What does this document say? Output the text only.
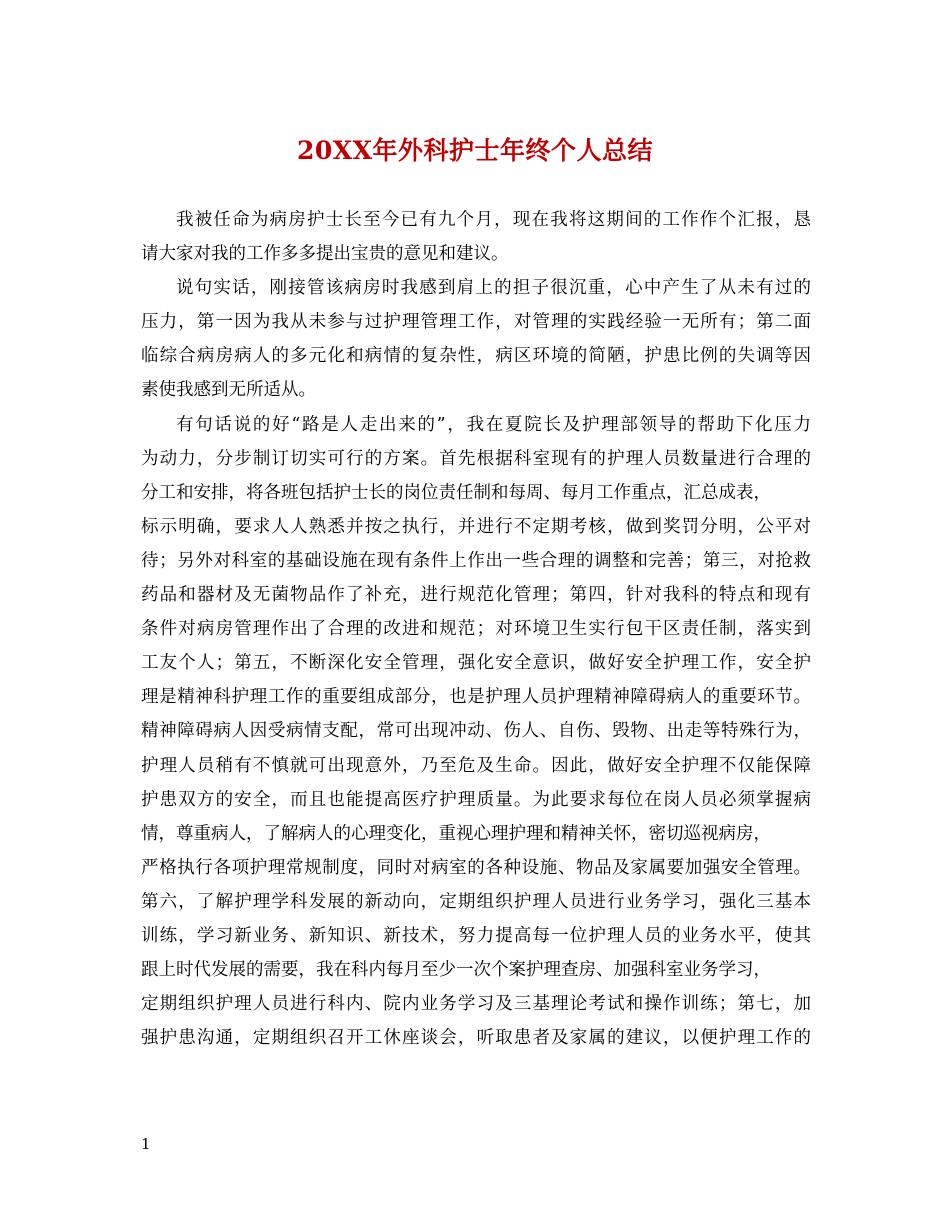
20XX年外科护士年终个人总结
我被任命为病房护士长至今已有九个月，现在我将这期间的工作作个汇报，恳
请大家对我的工作多多提出宝贵的意见和建议。
说句实话，刚接管该病房时我感到肩上的担子很沉重，心中产生了从未有过的
压力，第一因为我从未参与过护理管理工作，对管理的实践经验一无所有；第二面
临综合病房病人的多元化和病情的复杂性，病区环境的简陋，护患比例的失调等因
素使我感到无所适从。
有句话说的好“路是人走出来的”，我在夏院长及护理部领导的帮助下化压力
为动力，分步制订切实可行的方案。首先根据科室现有的护理人员数量进行合理的
分工和安排，将各班包括护士长的岗位责任制和每周、每月工作重点，汇总成表，
标示明确，要求人人熟悉并按之执行，并进行不定期考核，做到奖罚分明，公平对
待；另外对科室的基础设施在现有条件上作出一些合理的调整和完善；第三，对抢救
药品和器材及无菌物品作了补充，进行规范化管理；第四，针对我科的特点和现有
条件对病房管理作出了合理的改进和规范；对环境卫生实行包干区责任制，落实到
工友个人；第五，不断深化安全管理，强化安全意识，做好安全护理工作，安全护
理是精神科护理工作的重要组成部分，也是护理人员护理精神障碍病人的重要环节。
精神障碍病人因受病情支配，常可出现冲动、伤人、自伤、毁物、出走等特殊行为，
护理人员稍有不慎就可出现意外，乃至危及生命。因此，做好安全护理不仅能保障
护患双方的安全，而且也能提高医疗护理质量。为此要求每位在岗人员必须掌握病
情，尊重病人，了解病人的心理变化，重视心理护理和精神关怀，密切巡视病房，
严格执行各项护理常规制度，同时对病室的各种设施、物品及家属要加强安全管理。
第六，了解护理学科发展的新动向，定期组织护理人员进行业务学习，强化三基本
训练，学习新业务、新知识、新技术，努力提高每一位护理人员的业务水平，使其
跟上时代发展的需要，我在科内每月至少一次个案护理查房、加强科室业务学习，
定期组织护理人员进行科内、院内业务学习及三基理论考试和操作训练；第七，加
强护患沟通，定期组织召开工休座谈会，听取患者及家属的建议，以便护理工作的
1
